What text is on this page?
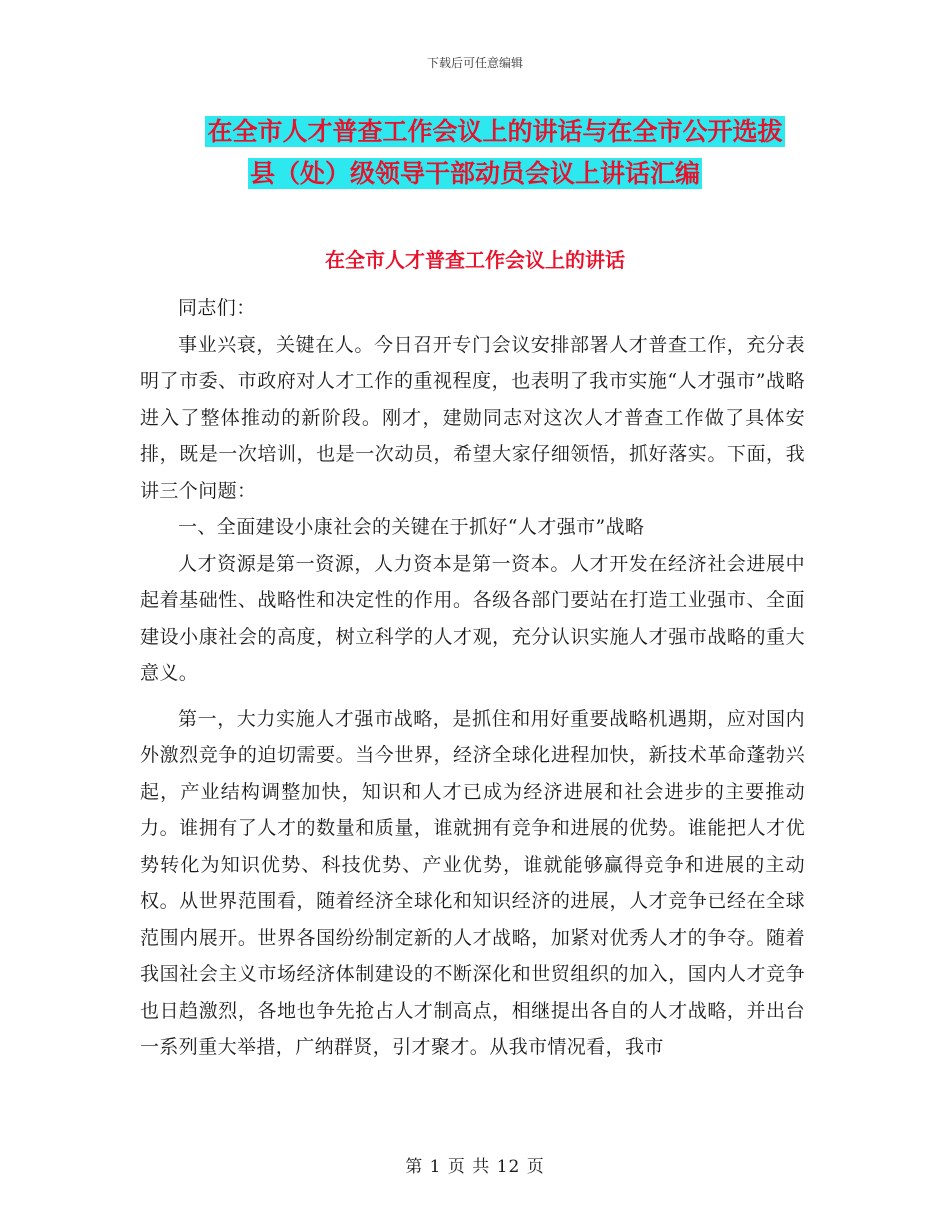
下载后可任意编辑
在全市人才普查工作会议上的讲话与在全市公开选拔
县（处）级领导干部动员会议上讲话汇编
在全市人才普查工作会议上的讲话

同志们：

事业兴衰，关键在人。今日召开专门会议安排部署人才普查工作，充分表明了市委、市政府对人才工作的重视程度，也表明了我市实施“人才强市”战略进入了整体推动的新阶段。刚才，建勋同志对这次人才普查工作做了具体安排，既是一次培训，也是一次动员，希望大家仔细领悟，抓好落实。下面，我讲三个问题：

一、全面建设小康社会的关键在于抓好“人才强市”战略

人才资源是第一资源，人力资本是第一资本。人才开发在经济社会进展中起着基础性、战略性和决定性的作用。各级各部门要站在打造工业强市、全面建设小康社会的高度，树立科学的人才观，充分认识实施人才强市战略的重大意义。

第一，大力实施人才强市战略，是抓住和用好重要战略机遇期，应对国内外激烈竞争的迫切需要。当今世界，经济全球化进程加快，新技术革命蓬勃兴起，产业结构调整加快，知识和人才已成为经济进展和社会进步的主要推动力。谁拥有了人才的数量和质量，谁就拥有竞争和进展的优势。谁能把人才优势转化为知识优势、科技优势、产业优势，谁就能够赢得竞争和进展的主动权。从世界范围看，随着经济全球化和知识经济的进展，人才竞争已经在全球范围内展开。世界各国纷纷制定新的人才战略，加紧对优秀人才的争夺。随着我国社会主义市场经济体制建设的不断深化和世贸组织的加入，国内人才竞争也日趋激烈，各地也争先抢占人才制高点，相继提出各自的人才战略，并出台一系列重大举措，广纳群贤，引才聚才。从我市情况看，我市

第 1 页 共 12 页
